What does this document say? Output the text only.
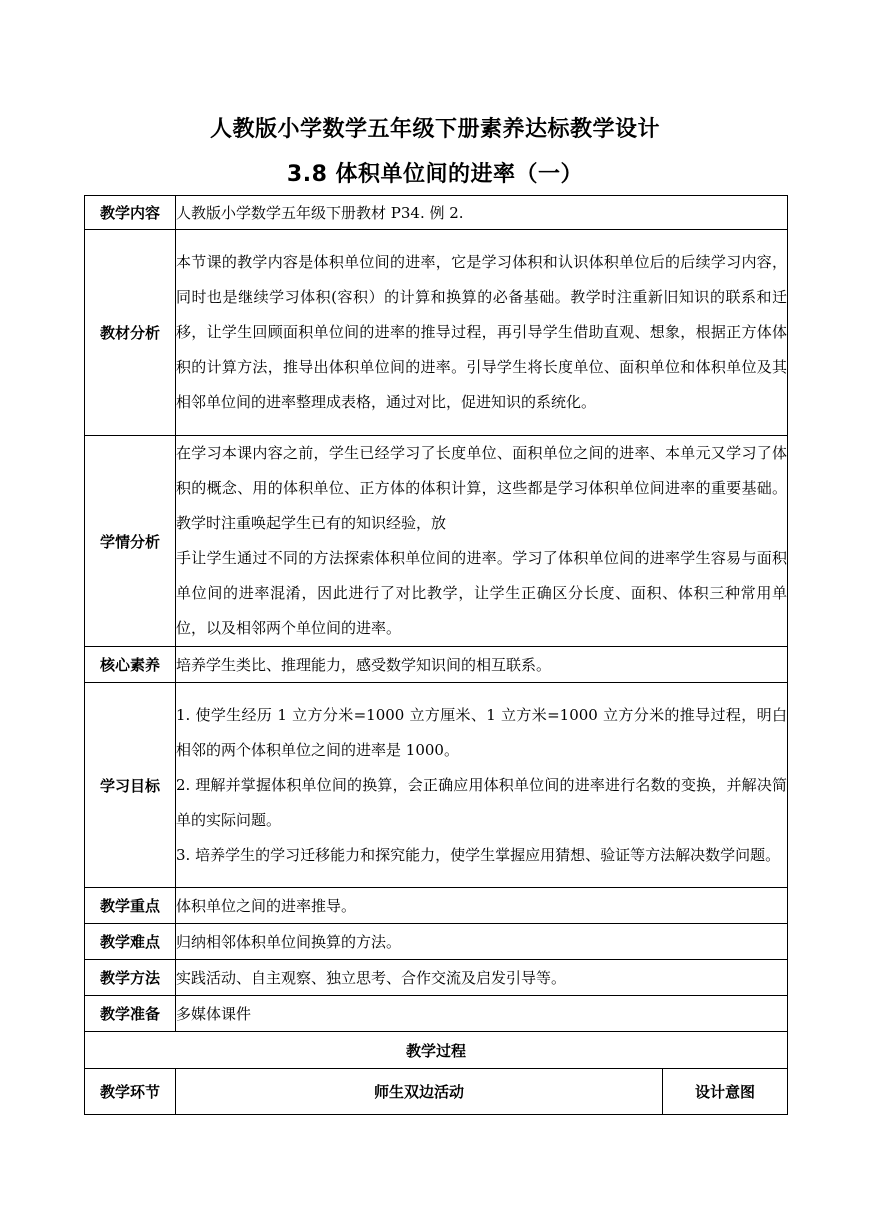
人教版小学数学五年级下册素养达标教学设计
3.8 体积单位间的进率（一）
教学内容	人教版小学数学五年级下册教材 P34. 例 2.	
教材分析	本节课的教学内容是体积单位间的进率，它是学习体积和认识体积单位后的后续学习内容，同时也是继续学习体积(容积）的计算和换算的必备基础。教学时注重新旧知识的联系和迁移，让学生回顾面积单位间的进率的推导过程，再引导学生借助直观、想象，根据正方体体积的计算方法，推导出体积单位间的进率。引导学生将长度单位、面积单位和体积单位及其相邻单位间的进率整理成表格，通过对比，促进知识的系统化。	
学情分析	在学习本课内容之前，学生已经学习了长度单位、面积单位之间的进率、本单元又学习了体积的概念、用的体积单位、正方体的体积计算，这些都是学习体积单位间进率的重要基础。教学时注重唤起学生已有的知识经验，放
手让学生通过不同的方法探索体积单位间的进率。学习了体积单位间的进率学生容易与面积单位间的进率混淆，因此进行了对比教学，让学生正确区分长度、面积、体积三种常用单位，以及相邻两个单位间的进率。	

核心素养	培养学生类比、推理能力，感受数学知识间的相互联系。	
学习目标	1. 使学生经历 1 立方分米=1000 立方厘米、1 立方米=1000 立方分米的推导过程，明白相邻的两个体积单位之间的进率是 1000。
2. 理解并掌握体积单位间的换算，会正确应用体积单位间的进率进行名数的变换，并解决简单的实际问题。
3. 培养学生的学习迁移能力和探究能力，使学生掌握应用猜想、验证等方法解决数学问题。	

教学重点	体积单位之间的进率推导。	
教学难点	归纳相邻体积单位间换算的方法。	
教学方法	实践活动、自主观察、独立思考、合作交流及启发引导等。	
教学准备	多媒体课件	
教学过程		
教学环节	师生双边活动	设计意图
